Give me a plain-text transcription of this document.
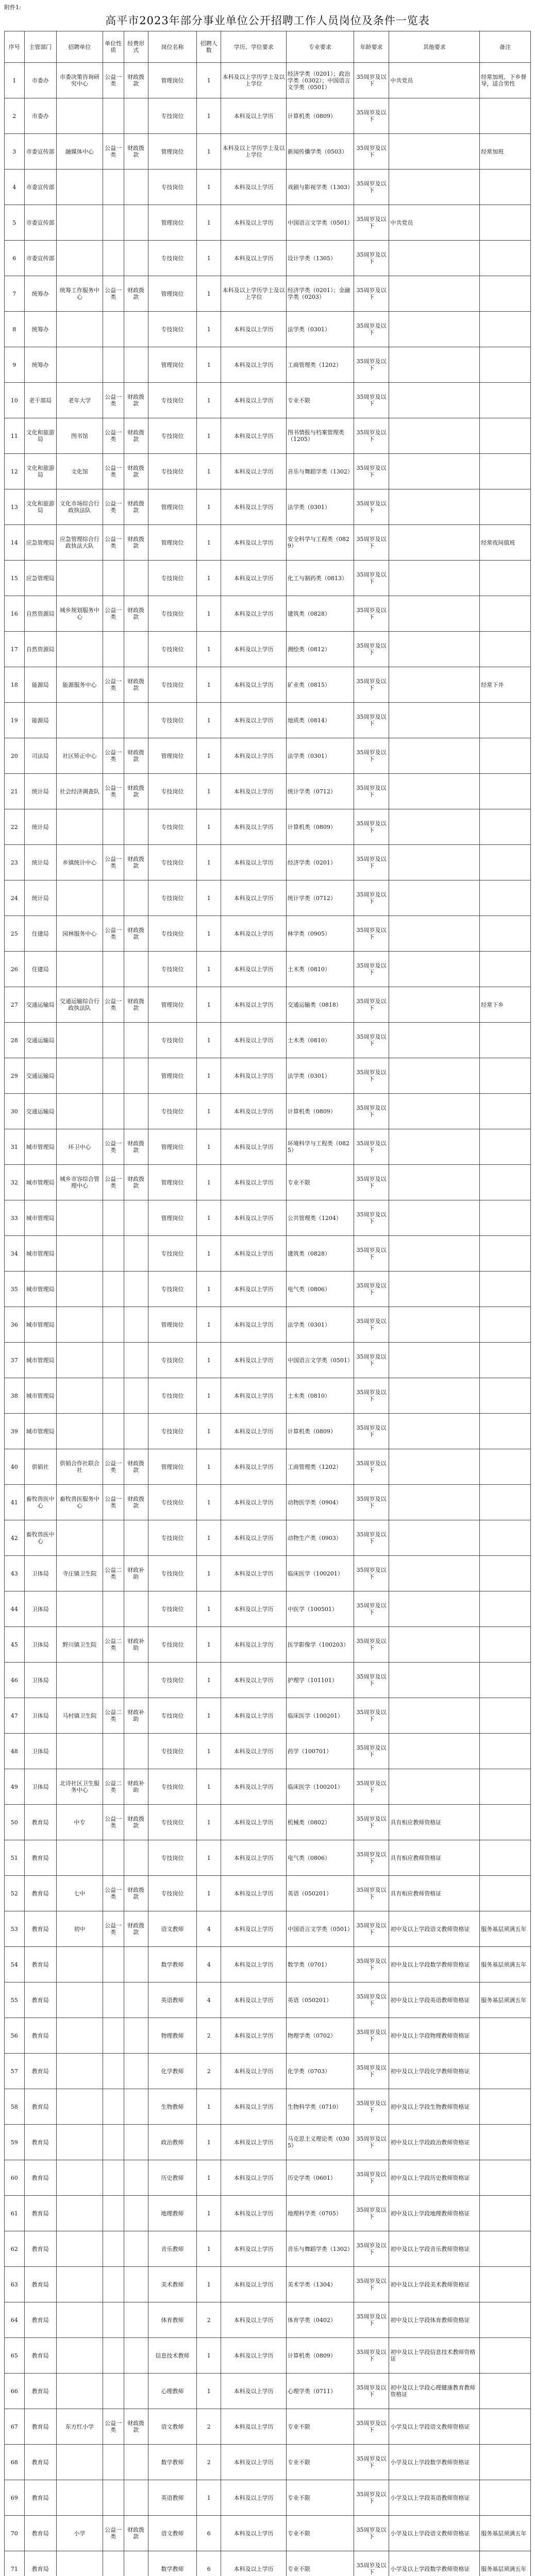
附件1:
高平市2023年部分事业单位公开招聘工作人员岗位及条件一览表
序号	主管部门	招聘单位	单位性质	经费形式	岗位名称	招聘人数	学历、学位要求	专业要求	年龄要求	其他要求	备注
1	市委办	市委决策咨询研究中心	公益一类	财政拨款	管理岗位	1	本科及以上学历学士及以上学位	经济学类（0201）；政治学类（0302）；中国语言文学类（0501）	35周岁及以下	中共党员	经常加班、下乡督导，适合男性
2	市委办				专技岗位	1	本科及以上学历	计算机类（0809）	35周岁及以下		
3	市委宣传部	融媒体中心	公益一类	财政拨款	管理岗位	1	本科及以上学历学士及以上学位	新闻传播学类（0503）	35周岁及以下		经常加班
4	市委宣传部				专技岗位	1	本科及以上学历	戏剧与影视学类（1303）	35周岁及以下		
5	市委宣传部				管理岗位	1	本科及以上学历	中国语言文学类（0501）	35周岁及以下	中共党员	
6	市委宣传部				专技岗位	1	本科及以上学历	设计学类（1305）	35周岁及以下		
7	统筹办	统筹工作服务中心	公益一类	财政拨款	管理岗位	1	本科及以上学历学士及以上学位	经济学类（0201）；金融学类（0203）	35周岁及以下		
8	统筹办				专技岗位	1	本科及以上学历	法学类（0301）	35周岁及以下		
9	统筹办				管理岗位	1	本科及以上学历	工商管理类（1202）	35周岁及以下		
10	老干部局	老年大学	公益一类	财政拨款	专技岗位	1	本科及以上学历	专业不限	35周岁及以下		
11	文化和旅游局	图书馆	公益一类	财政拨款	专技岗位	1	本科及以上学历	图书情报与档案管理类（1205）	35周岁及以下		
12	文化和旅游局	文化馆	公益一类	财政拨款	专技岗位	1	本科及以上学历	音乐与舞蹈学类（1302）	35周岁及以下		
13	文化和旅游局	文化市场综合行政执法队	公益一类	财政拨款	管理岗位	1	本科及以上学历	法学类（0301）	35周岁及以下		
14	应急管理局	应急管理综合行政执法大队	公益一类	财政拨款	管理岗位	1	本科及以上学历	安全科学与工程类（0829）	35周岁及以下		经常夜间值班
15	应急管理局				专技岗位	1	本科及以上学历	化工与制药类（0813）	35周岁及以下		
16	自然资源局	城乡规划服务中心	公益一类	财政拨款	专技岗位	1	本科及以上学历	建筑类（0828）	35周岁及以下		
17	自然资源局				专技岗位	1	本科及以上学历	测绘类（0812）	35周岁及以下		
18	能源局	能源服务中心	公益一类	财政拨款	专技岗位	1	本科及以上学历	矿业类（0815）	35周岁及以下		经常下井
19	能源局				专技岗位	1	本科及以上学历	地质类（0814）	35周岁及以下		
20	司法局	社区矫正中心	公益一类	财政拨款	管理岗位	1	本科及以上学历	法学类（0301）	35周岁及以下		
21	统计局	社会经济调查队	公益一类	财政拨款	专技岗位	1	本科及以上学历	统计学类（0712）	35周岁及以下		
22	统计局				专技岗位	1	本科及以上学历	计算机类（0809）	35周岁及以下		
23	统计局	乡镇统计中心	公益一类	财政拨款	专技岗位	1	本科及以上学历	经济学类（0201）	35周岁及以下		
24	统计局				专技岗位	1	本科及以上学历	统计学类（0712）	35周岁及以下		
25	住建局	园林服务中心	公益一类	财政拨款	专技岗位	1	本科及以上学历	林学类（0905）	35周岁及以下		
26	住建局				专技岗位	1	本科及以上学历	土木类（0810）	35周岁及以下		
27	交通运输局	交通运输综合行政执法队	公益一类	财政拨款	管理岗位	1	本科及以上学历	交通运输类（0818）	35周岁及以下		经常下乡
28	交通运输局				专技岗位	1	本科及以上学历	土木类（0810）	35周岁及以下		
29	交通运输局				管理岗位	1	本科及以上学历	法学类（0301）	35周岁及以下		
30	交通运输局				专技岗位	1	本科及以上学历	计算机类（0809）	35周岁及以下		
31	城市管理局	环卫中心	公益一类	财政拨款	管理岗位	1	本科及以上学历	环境科学与工程类（0825）	35周岁及以下		
32	城市管理局	城乡市容综合管理中心	公益一类	财政拨款	管理岗位	1	本科及以上学历	专业不限	35周岁及以下		
33	城市管理局				管理岗位	1	本科及以上学历	公共管理类（1204）	35周岁及以下		
34	城市管理局				专技岗位	1	本科及以上学历	建筑类（0828）	35周岁及以下		
35	城市管理局				专技岗位	1	本科及以上学历	电气类（0806）	35周岁及以下		
36	城市管理局				管理岗位	1	本科及以上学历	法学类（0301）	35周岁及以下		
37	城市管理局				专技岗位	1	本科及以上学历	中国语言文学类（0501）	35周岁及以下		
38	城市管理局				专技岗位	1	本科及以上学历	土木类（0810）	35周岁及以下		
39	城市管理局				专技岗位	1	本科及以上学历	计算机类（0809）	35周岁及以下		
40	供销社	供销合作社联合社	公益一类	财政拨款	管理岗位	1	本科及以上学历	工商管理类（1202）	35周岁及以下		
41	畜牧兽医中心	畜牧兽医服务中心	公益一类	财政拨款	专技岗位	1	本科及以上学历	动物医学类（0904）	35周岁及以下		
42	畜牧兽医中心				专技岗位	1	本科及以上学历	动物生产类（0903）	35周岁及以下		
43	卫体局	寺庄镇卫生院	公益二类	财政补助	专技岗位	1	本科及以上学历	临床医学（100201）	35周岁及以下		
44	卫体局				专技岗位	1	本科及以上学历	中医学（100501）	35周岁及以下		
45	卫体局	野川镇卫生院	公益二类	财政补助	专技岗位	1	本科及以上学历	医学影像学（100203）	35周岁及以下		
46	卫体局				专技岗位	1	本科及以上学历	护理学（101101）	35周岁及以下		
47	卫体局	马村镇卫生院	公益二类	财政补助	专技岗位	1	本科及以上学历	临床医学（100201）	35周岁及以下		
48	卫体局				专技岗位	1	本科及以上学历	药学（100701）	35周岁及以下		
49	卫体局	北诗社区卫生服务中心	公益二类	财政补助	专技岗位	1	本科及以上学历	临床医学（100201）	35周岁及以下		
50	教育局	中专	公益一类	财政拨款	专技岗位	1	本科及以上学历	机械类（0802）	35周岁及以下	具有相应教师资格证	
51	教育局				专技岗位	1	本科及以上学历	电气类（0806）	35周岁及以下	具有相应教师资格证	
52	教育局	七中	公益一类	财政拨款	专技岗位	1	本科及以上学历	英语（050201）	35周岁及以下	具有相应教师资格证	
53	教育局	初中	公益一类	财政拨款	语文教师	4	本科及以上学历	中国语言文学类（0501）	35周岁及以下	初中及以上学段语文教师资格证	服务基层须满五年
54	教育局				数学教师	4	本科及以上学历	数学类（0701）	35周岁及以下	初中及以上学段数学教师资格证	服务基层须满五年
55	教育局				英语教师	4	本科及以上学历	英语（050201）	35周岁及以下	初中及以上学段英语教师资格证	服务基层须满五年
56	教育局				物理教师	2	本科及以上学历	物理学类（0702）	35周岁及以下	初中及以上学段物理教师资格证	
57	教育局				化学教师	2	本科及以上学历	化学类（0703）	35周岁及以下	初中及以上学段化学教师资格证	
58	教育局				生物教师	1	本科及以上学历	生物科学类（0710）	35周岁及以下	初中及以上学段生物教师资格证	
59	教育局				政治教师	1	本科及以上学历	马克思主义理论类（0305）	35周岁及以下	初中及以上学段政治教师资格证	
60	教育局				历史教师	1	本科及以上学历	历史学类（0601）	35周岁及以下	初中及以上学段历史教师资格证	
61	教育局				地理教师	1	本科及以上学历	地理科学类（0705）	35周岁及以下	初中及以上学段地理教师资格证	
62	教育局				音乐教师	1	本科及以上学历	音乐与舞蹈学类（1302）	35周岁及以下	初中及以上学段音乐教师资格证	
63	教育局				美术教师	1	本科及以上学历	美术学类（1304）	35周岁及以下	初中及以上学段美术教师资格证	
64	教育局				体育教师	2	本科及以上学历	体育学类（0402）	35周岁及以下	初中及以上学段体育教师资格证	
65	教育局				信息技术教师	1	本科及以上学历	计算机类（0809）	35周岁及以下	初中及以上学段信息技术教师资格证	
66	教育局				心理教师	1	本科及以上学历	心理学类（0711）	35周岁及以下	初中及以上学段心理健康教育教师资格证	
67	教育局	东方红小学	公益一类	财政拨款	语文教师	2	本科及以上学历	专业不限	35周岁及以下	小学及以上学段语文教师资格证	
68	教育局				数学教师	2	本科及以上学历	专业不限	35周岁及以下	小学及以上学段数学教师资格证	
69	教育局				英语教师	1	本科及以上学历	专业不限	35周岁及以下	小学及以上学段英语教师资格证	
70	教育局	小学	公益一类	财政拨款	语文教师	6	本科及以上学历	专业不限	35周岁及以下	小学及以上学段语文教师资格证	服务基层须满五年
71	教育局				数学教师	6	本科及以上学历	专业不限	35周岁及以下	小学及以上学段数学教师资格证	服务基层须满五年
